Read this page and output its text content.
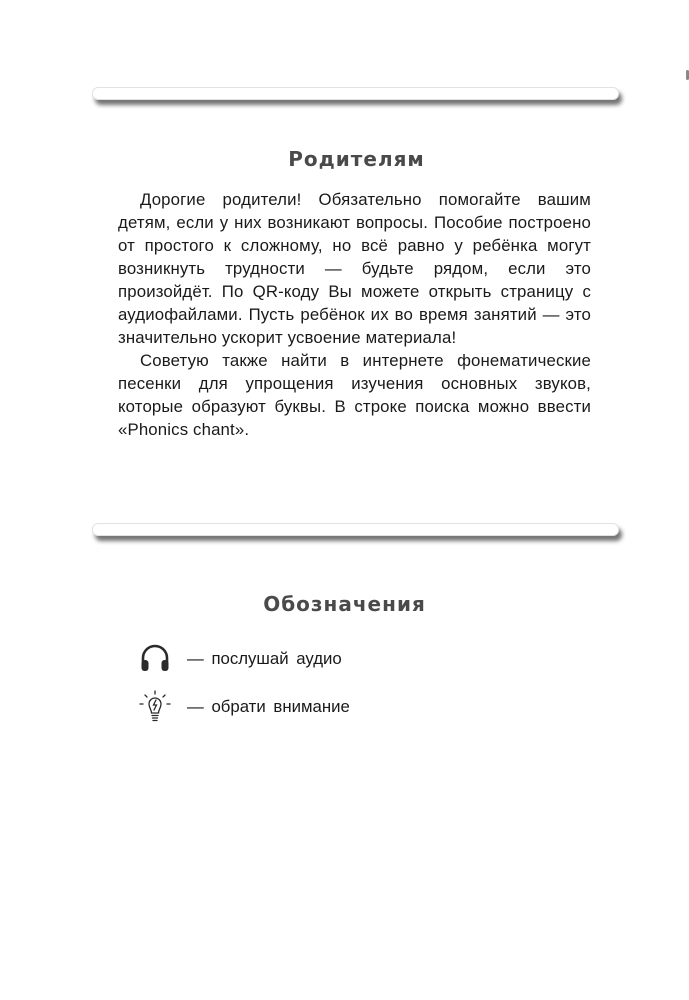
Родителям

Дорогие родители! Обязательно помогайте вашим детям, если у них возникают вопросы. Пособие построено от простого к сложному, но всё равно у ребёнка могут возникнуть трудности — будьте рядом, если это произойдёт. По QR-коду Вы можете открыть страницу с аудиофайлами. Пусть ребёнок их во время занятий — это значительно ускорит усвоение материала!

Советую также найти в интернете фонематические песенки для упрощения изучения основных звуков, которые образуют буквы. В строке поиска можно ввести «Phonics chant».

Обозначения
— послушай аудио
— обрати внимание
